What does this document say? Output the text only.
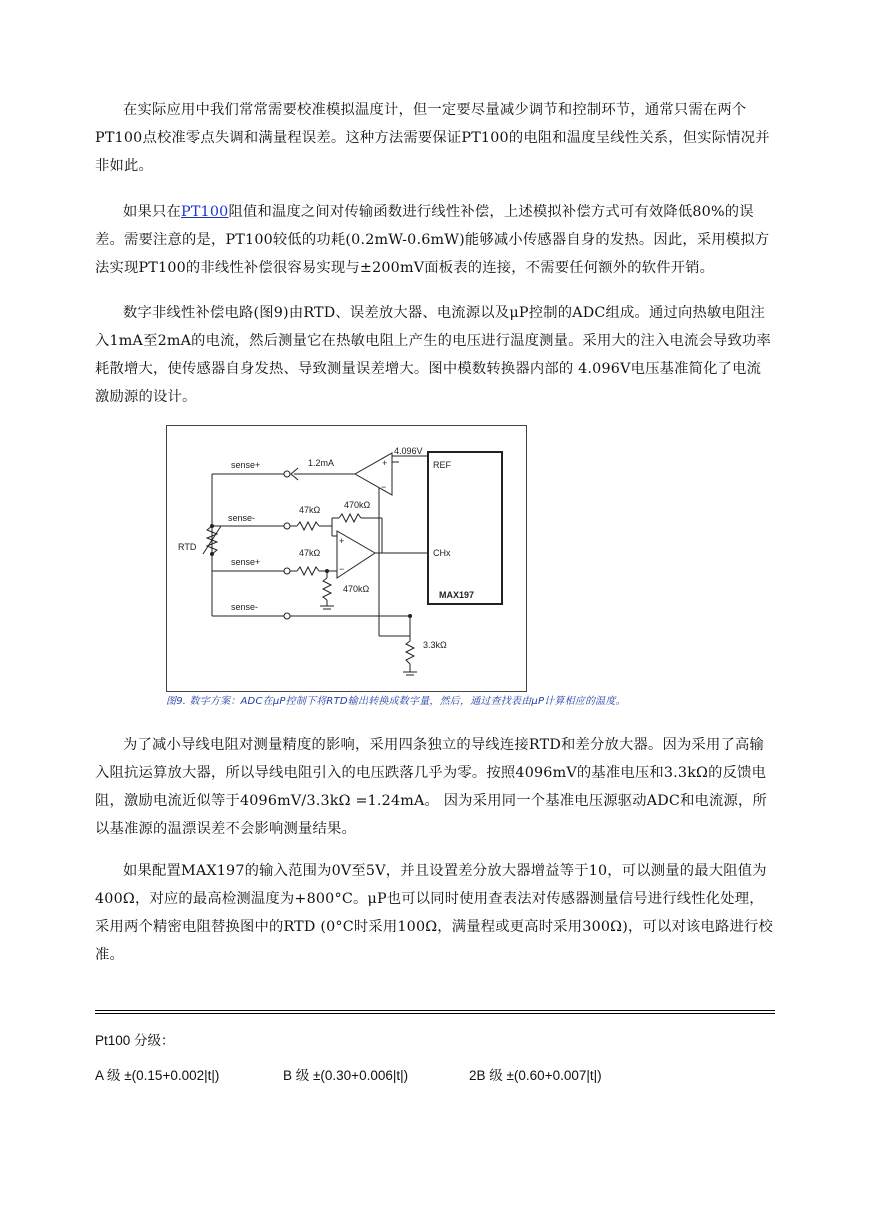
在实际应用中我们常常需要校准模拟温度计，但一定要尽量减少调节和控制环节，通常只需在两个PT100点校准零点失调和满量程误差。这种方法需要保证PT100的电阻和温度呈线性关系，但实际情况并非如此。

如果只在PT100阻值和温度之间对传输函数进行线性补偿，上述模拟补偿方式可有效降低80%的误差。需要注意的是，PT100较低的功耗(0.2mW-0.6mW)能够减小传感器自身的发热。因此，采用模拟方法实现PT100的非线性补偿很容易实现与±200mV面板表的连接，不需要任何额外的软件开销。

数字非线性补偿电路(图9)由RTD、误差放大器、电流源以及μP控制的ADC组成。通过向热敏电阻注入1mA至2mA的电流，然后测量它在热敏电阻上产生的电压进行温度测量。采用大的注入电流会导致功率耗散增大，使传感器自身发热、导致测量误差增大。图中模数转换器内部的 4.096V电压基准简化了电流激励源的设计。

sense+	1.2mA
4.096V
REF
sense-
47kΩ	470kΩ
RTD
47kΩ	CHx
sense+
470kΩ
MAX197
sense-
3.3kΩ
+
−
+
−
图9. 数字方案：ADC在μP控制下将RTD输出转换成数字量，然后，通过查找表由μP计算相应的温度。

为了减小导线电阻对测量精度的影响，采用四条独立的导线连接RTD和差分放大器。因为采用了高输入阻抗运算放大器，所以导线电阻引入的电压跌落几乎为零。按照4096mV的基准电压和3.3kΩ的反馈电阻，激励电流近似等于4096mV/3.3kΩ =1.24mA。 因为采用同一个基准电压源驱动ADC和电流源，所以基准源的温漂误差不会影响测量结果。

如果配置MAX197的输入范围为0V至5V，并且设置差分放大器增益等于10，可以测量的最大阻值为400Ω，对应的最高检测温度为+800°C。μP也可以同时使用查表法对传感器测量信号进行线性化处理，采用两个精密电阻替换图中的RTD (0°C时采用100Ω，满量程或更高时采用300Ω)，可以对该电路进行校准。

Pt100 分级：
A 级 ±(0.15+0.002|t|)	B 级 ±(0.30+0.006|t|)	2B 级 ±(0.60+0.007|t|)
